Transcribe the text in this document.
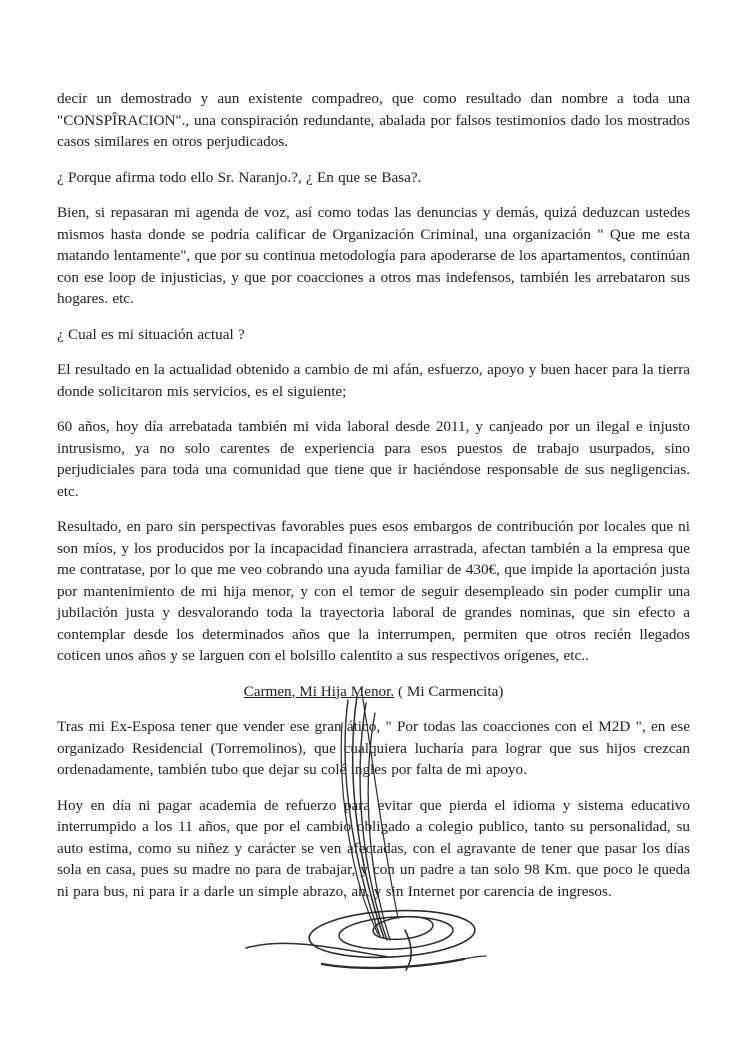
decir un demostrado y aun existente compadreo, que como resultado dan nombre a toda una "CONSPÎRACION"., una conspiración redundante, abalada por falsos testimonios dado los mostrados casos similares en otros perjudicados.

¿ Porque afirma todo ello Sr. Naranjo.?, ¿ En que se Basa?.

Bien, si repasaran mi agenda de voz, así como todas las denuncias y demás, quizá deduzcan ustedes mismos hasta donde se podría calificar de Organización Criminal, una organización " Que me esta matando lentamente", que por su continua metodología para apoderarse de los apartamentos, continúan con ese loop de injusticias, y que por coacciones a otros mas indefensos, también les arrebataron sus hogares. etc.

¿ Cual es mi situación actual ?

El resultado en la actualidad obtenido a cambio de mi afán, esfuerzo, apoyo y buen hacer para la tierra donde solicitaron mis servicios, es el siguiente;

60 años, hoy día arrebatada también mi vida laboral desde 2011, y canjeado por un ilegal e injusto intrusismo, ya no solo carentes de experiencia para esos puestos de trabajo usurpados, sino perjudiciales para toda una comunidad que tiene que ir haciéndose responsable de sus negligencias. etc.

Resultado, en paro sin perspectivas favorables pues esos embargos de contribución por locales que ni son míos, y los producidos por la incapacidad financiera arrastrada, afectan también a la empresa que me contratase, por lo que me veo cobrando una ayuda familiar de 430€, que impide la aportación justa por mantenimiento de mi hija menor, y con el temor de seguir desempleado sin poder cumplir una jubilación justa y desvalorando toda la trayectoria laboral de grandes nominas, que sin efecto a contemplar desde los determinados años que la interrumpen, permiten que otros recién llegados coticen unos años y se larguen con el bolsillo calentito a sus respectivos orígenes, etc..

Carmen, Mi Hija Menor. ( Mi Carmencita)

Tras mi Ex-Esposa tener que vender ese gran ático, " Por todas las coacciones con el M2D ", en ese organizado Residencial (Torremolinos), que cualquiera lucharía para lograr que sus hijos crezcan ordenadamente, también tubo que dejar su colé ingles por falta de mi apoyo.

Hoy en día ni pagar academia de refuerzo para evitar que pierda el idioma y sistema educativo interrumpido a los 11 años, que por el cambio obligado a colegio publico, tanto su personalidad, su auto estima, como su niñez y carácter se ven afectadas, con el agravante de tener que pasar los días sola en casa, pues su madre no para de trabajar, y con un padre a tan solo 98 Km. que poco le queda ni para bus, ni para ir a darle un simple abrazo, ah, y sin Internet por carencia de ingresos.
